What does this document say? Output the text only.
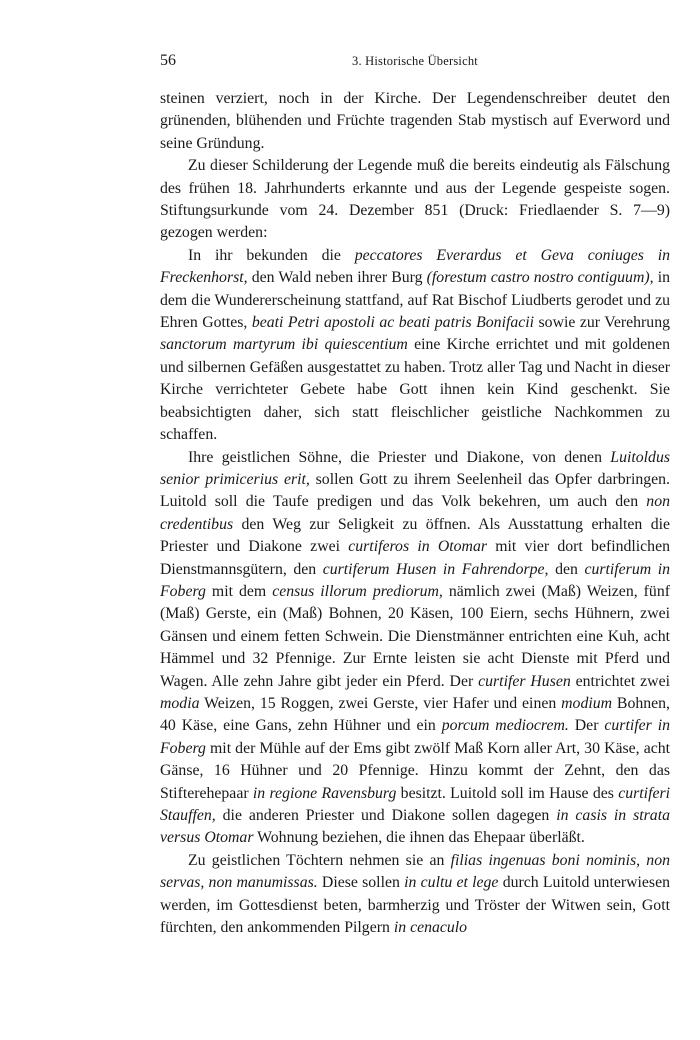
56	3. Historische Übersicht

steinen verziert, noch in der Kirche. Der Legendenschreiber deutet den grünenden, blühenden und Früchte tragenden Stab mystisch auf Everword und seine Gründung.

Zu dieser Schilderung der Legende muß die bereits eindeutig als Fälschung des frühen 18. Jahrhunderts erkannte und aus der Legende gespeiste sogen. Stiftungsurkunde vom 24. Dezember 851 (Druck: Friedlaender S. 7—9) gezogen werden:

In ihr bekunden die peccatores Everardus et Geva coniuges in Freckenhorst, den Wald neben ihrer Burg (forestum castro nostro contiguum), in dem die Wundererscheinung stattfand, auf Rat Bischof Liudberts gerodet und zu Ehren Gottes, beati Petri apostoli ac beati patris Bonifacii sowie zur Verehrung sanctorum martyrum ibi quiescentium eine Kirche errichtet und mit goldenen und silbernen Gefäßen ausgestattet zu haben. Trotz aller Tag und Nacht in dieser Kirche verrichteter Gebete habe Gott ihnen kein Kind geschenkt. Sie beabsichtigten daher, sich statt fleischlicher geistliche Nachkommen zu schaffen.

Ihre geistlichen Söhne, die Priester und Diakone, von denen Luitoldus senior primicerius erit, sollen Gott zu ihrem Seelenheil das Opfer darbringen. Luitold soll die Taufe predigen und das Volk bekehren, um auch den non credentibus den Weg zur Seligkeit zu öffnen. Als Ausstattung erhalten die Priester und Diakone zwei curtiferos in Otomar mit vier dort befindlichen Dienstmannsgütern, den curtiferum Husen in Fahrendorpe, den curtiferum in Foberg mit dem census illorum prediorum, nämlich zwei (Maß) Weizen, fünf (Maß) Gerste, ein (Maß) Bohnen, 20 Käsen, 100 Eiern, sechs Hühnern, zwei Gänsen und einem fetten Schwein. Die Dienstmänner entrichten eine Kuh, acht Hämmel und 32 Pfennige. Zur Ernte leisten sie acht Dienste mit Pferd und Wagen. Alle zehn Jahre gibt jeder ein Pferd. Der curtifer Husen entrichtet zwei modia Weizen, 15 Roggen, zwei Gerste, vier Hafer und einen modium Bohnen, 40 Käse, eine Gans, zehn Hühner und ein porcum mediocrem. Der curtifer in Foberg mit der Mühle auf der Ems gibt zwölf Maß Korn aller Art, 30 Käse, acht Gänse, 16 Hühner und 20 Pfennige. Hinzu kommt der Zehnt, den das Stifterehepaar in regione Ravensburg besitzt. Luitold soll im Hause des curtiferi Stauffen, die anderen Priester und Diakone sollen dagegen in casis in strata versus Otomar Wohnung beziehen, die ihnen das Ehepaar überläßt.

Zu geistlichen Töchtern nehmen sie an filias ingenuas boni nominis, non servas, non manumissas. Diese sollen in cultu et lege durch Luitold unterwiesen werden, im Gottesdienst beten, barmherzig und Tröster der Witwen sein, Gott fürchten, den ankommenden Pilgern in cenaculo
